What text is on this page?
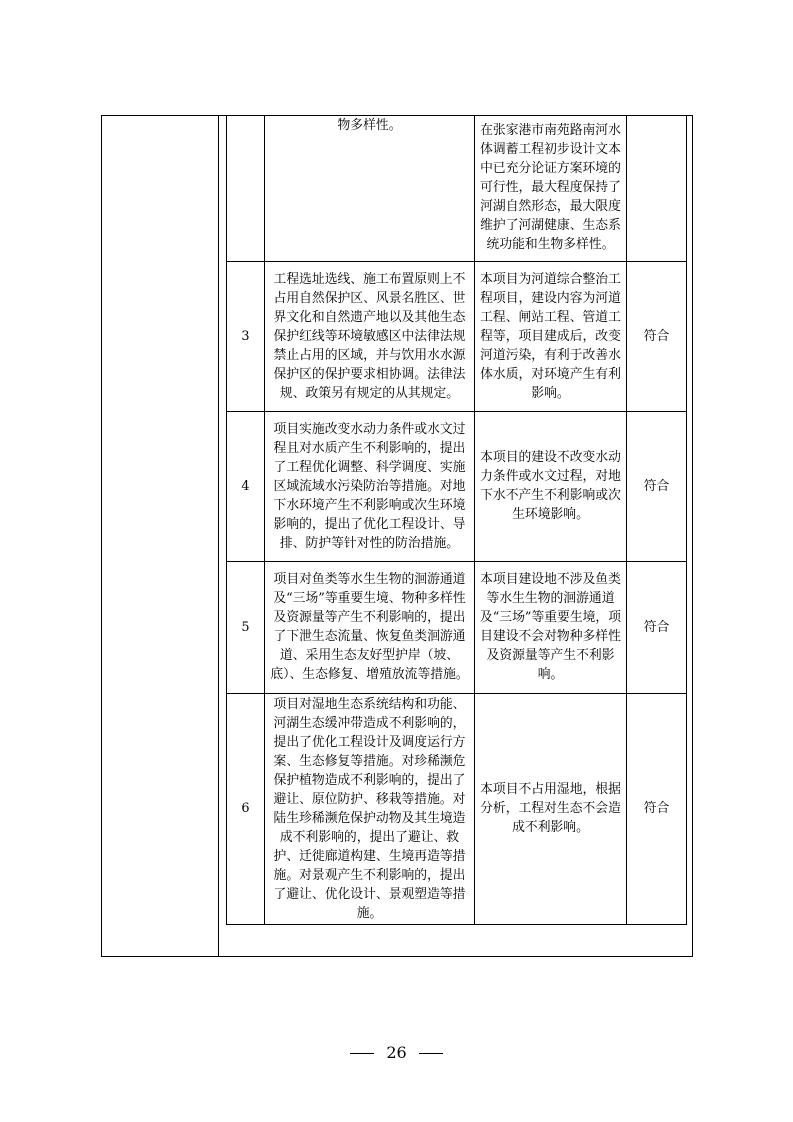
	物多样性。	在张家港市南苑路南河水体调蓄工程初步设计文本中已充分论证方案环境的可行性，最大程度保持了河湖自然形态，最大限度维护了河湖健康、生态系统功能和生物多样性。	
3	工程选址选线、施工布置原则上不占用自然保护区、风景名胜区、世界文化和自然遗产地以及其他生态保护红线等环境敏感区中法律法规禁止占用的区域，并与饮用水水源保护区的保护要求相协调。法律法规、政策另有规定的从其规定。	本项目为河道综合整治工程项目，建设内容为河道工程、闸站工程、管道工程等，项目建成后，改变河道污染，有利于改善水体水质，对环境产生有利影响。	符合
4	项目实施改变水动力条件或水文过程且对水质产生不利影响的，提出了工程优化调整、科学调度、实施区域流域水污染防治等措施。对地下水环境产生不利影响或次生环境影响的，提出了优化工程设计、导排、防护等针对性的防治措施。	本项目的建设不改变水动力条件或水文过程，对地下水不产生不利影响或次生环境影响。	符合
5	项目对鱼类等水生生物的洄游通道及“三场”等重要生境、物种多样性及资源量等产生不利影响的，提出了下泄生态流量、恢复鱼类洄游通道、采用生态友好型护岸（坡、底）、生态修复、增殖放流等措施。	本项目建设地不涉及鱼类等水生生物的洄游通道及“三场”等重要生境，项目建设不会对物种多样性及资源量等产生不利影响。	符合
6	项目对湿地生态系统结构和功能、河湖生态缓冲带造成不利影响的，提出了优化工程设计及调度运行方案、生态修复等措施。对珍稀濒危保护植物造成不利影响的，提出了避让、原位防护、移栽等措施。对陆生珍稀濒危保护动物及其生境造成不利影响的，提出了避让、救护、迁徙廊道构建、生境再造等措施。对景观产生不利影响的，提出了避让、优化设计、景观塑造等措施。	本项目不占用湿地，根据分析，工程对生态不会造成不利影响。	符合
26
